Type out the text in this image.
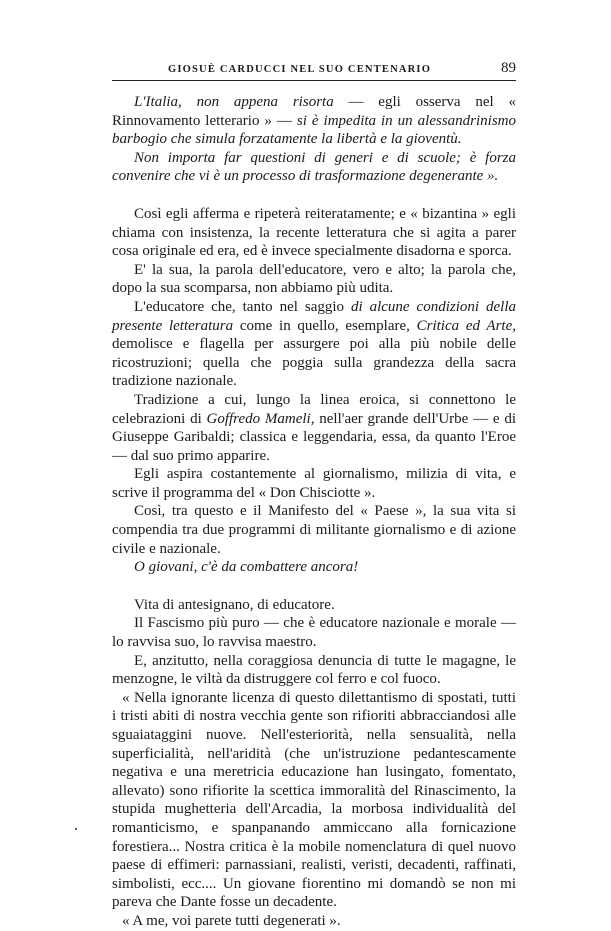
GIOSUÈ CARDUCCI NEL SUO CENTENARIO	89

L'Italia, non appena risorta — egli osserva nel « Rinnovamento letterario » — si è impedita in un alessandrinismo barbogio che simula forzatamente la libertà e la gioventù.

Non importa far questioni di generi e di scuole; è forza convenire che vi è un processo di trasformazione degenerante ».

Così egli afferma e ripeterà reiteratamente; e « bizantina » egli chiama con insistenza, la recente letteratura che si agita a parer cosa originale ed era, ed è invece specialmente disadorna e sporca.

E' la sua, la parola dell'educatore, vero e alto; la parola che, dopo la sua scomparsa, non abbiamo più udita.

L'educatore che, tanto nel saggio di alcune condizioni della presente letteratura come in quello, esemplare, Critica ed Arte, demolisce e flagella per assurgere poi alla più nobile delle ricostruzioni; quella che poggia sulla grandezza della sacra tradizione nazionale.

Tradizione a cui, lungo la linea eroica, si connettono le celebrazioni di Goffredo Mameli, nell'aer grande dell'Urbe — e di Giuseppe Garibaldi; classica e leggendaria, essa, da quanto l'Eroe — dal suo primo apparire.

Egli aspira costantemente al giornalismo, milizia di vita, e scrive il programma del « Don Chisciotte ».

Così, tra questo e il Manifesto del « Paese », la sua vita si compendia tra due programmi di militante giornalismo e di azione civile e nazionale.

O giovani, c'è da combattere ancora!

Vita di antesignano, di educatore.

Il Fascismo più puro — che è educatore nazionale e morale — lo ravvisa suo, lo ravvisa maestro.

E, anzitutto, nella coraggiosa denuncia di tutte le magagne, le menzogne, le viltà da distruggere col ferro e col fuoco.

« Nella ignorante licenza di questo dilettantismo di spostati, tutti i tristi abiti di nostra vecchia gente son rifioriti abbracciandosi alle sguaiataggini nuove. Nell'esteriorità, nella sensualità, nella superficialità, nell'aridità (che un'istruzione pedantescamente negativa e una meretricia educazione han lusingato, fomentato, allevato) sono rifiorite la scettica immoralità del Rinascimento, la stupida mughetteria dell'Arcadia, la morbosa individualità del romanticismo, e spanpanando ammiccano alla fornicazione forestiera... Nostra critica è la mobile nomenclatura di quel nuovo paese di effimeri: parnassiani, realisti, veristi, decadenti, raffinati, simbolisti, ecc.... Un giovane fiorentino mi domandò se non mi pareva che Dante fosse un decadente.

« A me, voi parete tutti degenerati ».
